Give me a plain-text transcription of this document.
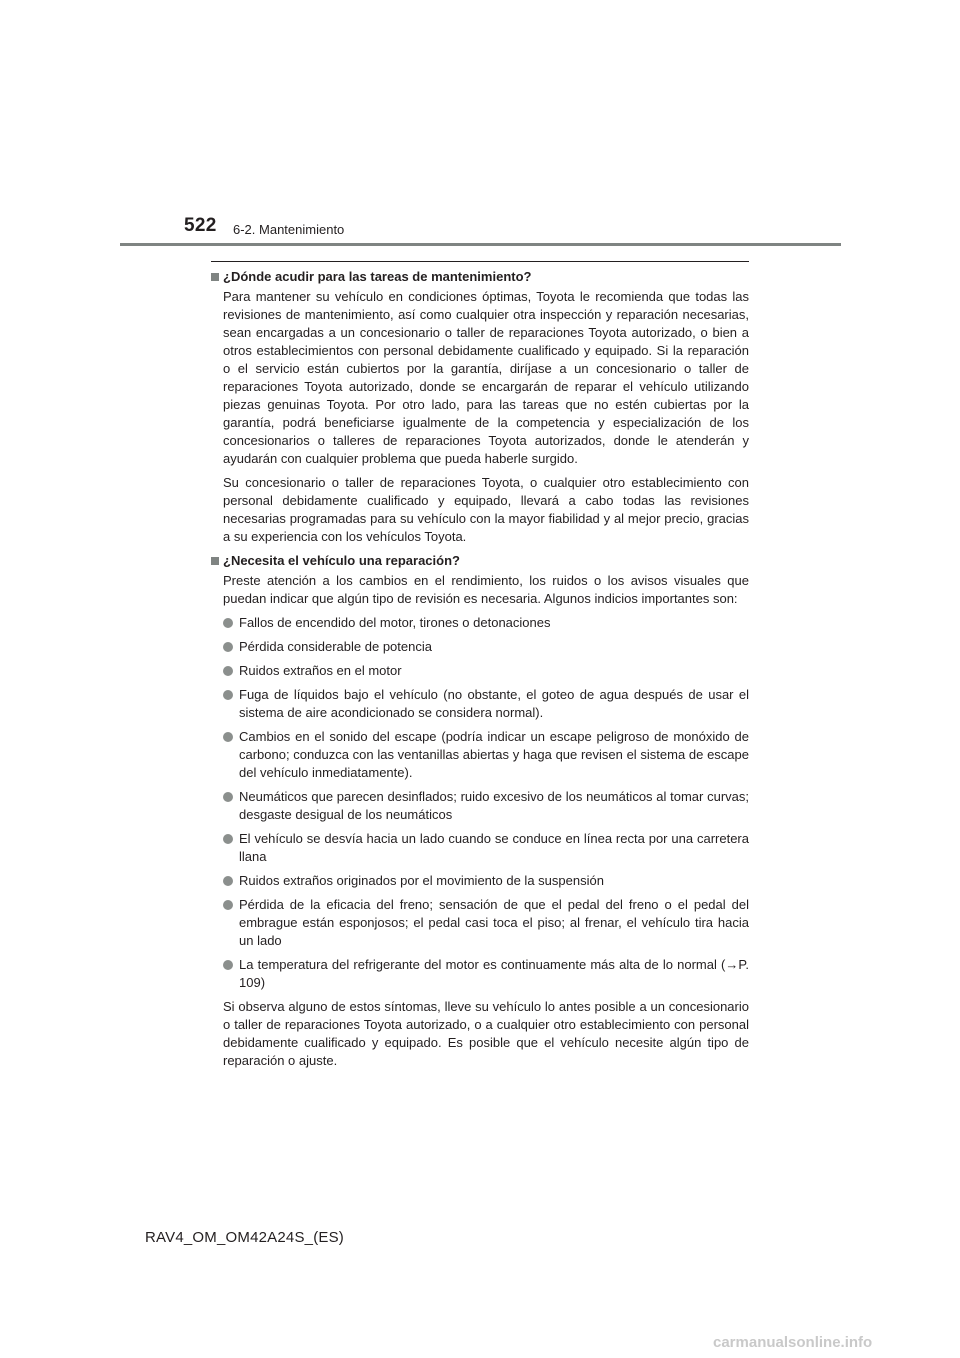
522 6-2. Mantenimiento
¿Dónde acudir para las tareas de mantenimiento?

Para mantener su vehículo en condiciones óptimas, Toyota le recomienda que todas las revisiones de mantenimiento, así como cualquier otra inspección y reparación necesarias, sean encargadas a un concesionario o taller de reparaciones Toyota autorizado, o bien a otros establecimientos con personal debidamente cualificado y equipado. Si la reparación o el servicio están cubiertos por la garantía, diríjase a un concesionario o taller de reparaciones Toyota autorizado, donde se encargarán de reparar el vehículo utilizando piezas genuinas Toyota. Por otro lado, para las tareas que no estén cubiertas por la garantía, podrá beneficiarse igualmente de la competencia y especialización de los concesionarios o talleres de reparaciones Toyota autorizados, donde le atenderán y ayudarán con cualquier problema que pueda haberle surgido.

Su concesionario o taller de reparaciones Toyota, o cualquier otro establecimiento con personal debidamente cualificado y equipado, llevará a cabo todas las revisiones necesarias programadas para su vehículo con la mayor fiabilidad y al mejor precio, gracias a su experiencia con los vehículos Toyota.

¿Necesita el vehículo una reparación?

Preste atención a los cambios en el rendimiento, los ruidos o los avisos visuales que puedan indicar que algún tipo de revisión es necesaria. Algunos indicios importantes son:

Fallos de encendido del motor, tirones o detonaciones
Pérdida considerable de potencia
Ruidos extraños en el motor
Fuga de líquidos bajo el vehículo (no obstante, el goteo de agua después de usar el sistema de aire acondicionado se considera normal).
Cambios en el sonido del escape (podría indicar un escape peligroso de monóxido de carbono; conduzca con las ventanillas abiertas y haga que revisen el sistema de escape del vehículo inmediatamente).
Neumáticos que parecen desinflados; ruido excesivo de los neumáticos al tomar curvas; desgaste desigual de los neumáticos
El vehículo se desvía hacia un lado cuando se conduce en línea recta por una carretera llana
Ruidos extraños originados por el movimiento de la suspensión
Pérdida de la eficacia del freno; sensación de que el pedal del freno o el pedal del embrague están esponjosos; el pedal casi toca el piso; al frenar, el vehículo tira hacia un lado
La temperatura del refrigerante del motor es continuamente más alta de lo normal (→P. 109)

Si observa alguno de estos síntomas, lleve su vehículo lo antes posible a un concesionario o taller de reparaciones Toyota autorizado, o a cualquier otro establecimiento con personal debidamente cualificado y equipado. Es posible que el vehículo necesite algún tipo de reparación o ajuste.

RAV4_OM_OM42A24S_(ES)
carmanualsonline.info
